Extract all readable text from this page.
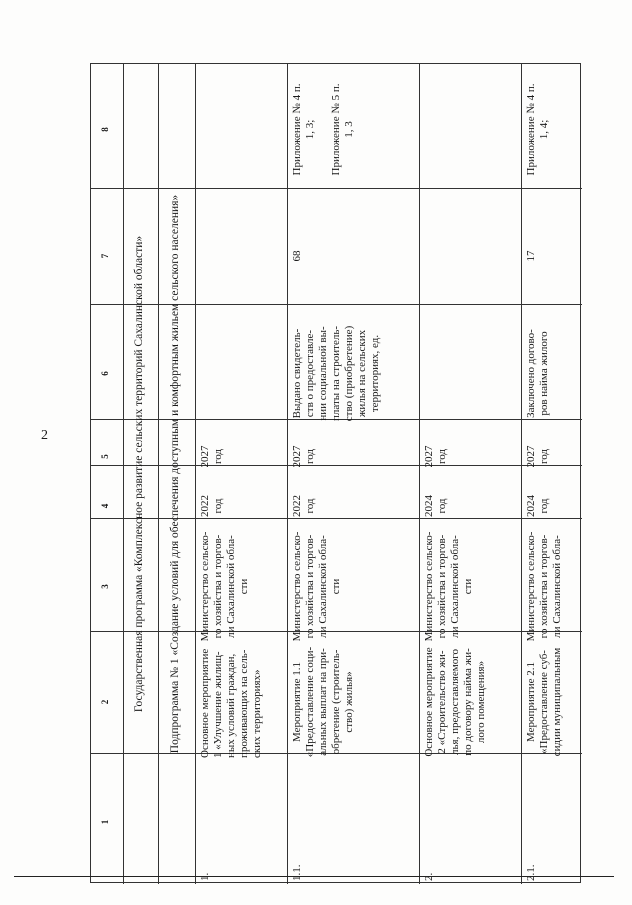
2
1
2
3
4
5
6
7
8
Государственная программа «Комплексное развитие сельских территорий Сахалинской области» Подпрограмма № 1 «Создание условий для обеспечения доступным и комфортным жильем сельского населения»
1.
Основное мероприятие
1 «Улучшение жилищ-
ных условий граждан,
проживающих на сель-
ских территориях»
Министерство сельско-
го хозяйства и торгов-
ли Сахалинской обла-
сти
2022
год
2027
год
1.1.
Мероприятие 1.1
«Предоставление соци-
альных выплат на при-
обретение (строитель-
ство) жилья»
Министерство сельско-
го хозяйства и торгов-
ли Сахалинской обла-
сти
2022
год
2027
год
Выдано свидетель-
ств о предоставле-
нии социальной вы-
платы на строитель-
ство (приобретение)
жилья на сельских
территориях, ед.
68
Приложение № 4 п.
1, 3;

Приложение № 5 п.
1, 3
2.
Основное мероприятие
2 «Строительство жи-
лья, предоставляемого
по договору найма жи-
лого помещения»
Министерство сельско-
го хозяйства и торгов-
ли Сахалинской обла-
сти
2024
год
2027
год
2.1.
Мероприятие 2.1
«Предоставление суб-
сидии муниципальным
Министерство сельско-
го хозяйства и торгов-
ли Сахалинской обла-
2024
год
2027
год
Заключено догово-
ров найма жилого
17
Приложение № 4 п.
1, 4;
